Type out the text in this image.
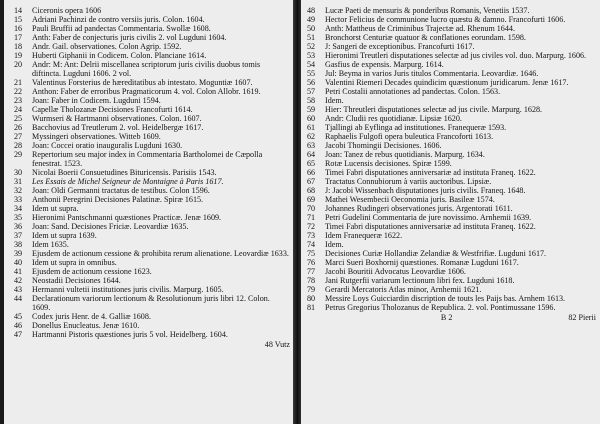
14	Ciceronis opera 1606
15	Adriani Pachinzi de contro versiis juris. Colon. 1604.
16	Pauli Bruffii ad pandectas Commentaria. Swollæ 1608.
17	Anth: Faber de conjecturis juris civilis 2. vol Lugduni 1604.
18	Andr. Gail. observationes. Colon Agrip. 1592.
19	Huberti Giphanii in Codicem. Colon. Planciane 1614.
20	Andr: M: Ant: Delrii miscellanea scriptorum juris civilis duobus tomis diftincta. Lugduni 1606. 2 vol.
21	Valentinus Forsterius de hæreditatibus ab intestato. Moguntiæ 1607.
22	Anthon: Faber de erroribus Pragmaticorum 4. vol. Colon Allobr. 1619.
23	Joan: Faber in Codicem. Lugduni 1594.
24	Capellæ Tholozanæ Decisiones Francofurti 1614.
25	Wurmseri & Hartmanni observationes. Colon. 1607.
26	Bacchovius ad Treutlerum 2. vol. Heidelbergæ 1617.
27	Myssingeri observationes. Witteb 1609.
28	Joan: Coccei oratio inauguralis Lugduni 1630.
29	Repertorium seu major index in Commentaria Bartholomei de Cæpolla fenestrat. 1523.
30	Nicolai Boerii Consuetudines Bituricensis. Parisiis 1543.
31	Les Essais de Michel Seigneur de Montaigne à Paris 1617.
32	Joan: Oldi Germanni tractatus de testibus. Colon 1596.
33	Anthonii Peregrini Decisiones Palatinæ. Spiræ 1615.
34	Idem ut supra.
35	Hieronimi Pantschmanni quæstiones Practicæ. Jenæ 1609.
36	Joan: Sand. Decisiones Friciæ. Leovardiæ 1635.
37	Idem ut supra 1639.
38	Idem 1635.
39	Ejusdem de actionum cessione & prohibita rerum alienatione. Leovardiæ 1633.
40	Idem ut supra in omnibus.
41	Ejusdem de actionum cessione 1623.
42	Neostadii Decisiones 1644.
43	Hermanni vultetii institutiones juris civilis. Marpurg. 1605.
44	Declarationum variorum lectionum & Resolutionum juris libri 12. Colon. 1609.
45	Codex juris Henr. de 4. Galliæ 1608.
46	Donellus Enucleatus. Jenæ 1610.
47	Hartmanni Pistoris quæstiones juris 5 vol. Heidelberg. 1604.
48 Vutz
48	Lucæ Paeti de mensuris & ponderibus Romanis, Venetiis 1537.
49	Hector Felicius de communione lucro quæstu & damno. Francofurti 1606.
50	Anth: Mattheus de Criminibus Trajectæ ad. Rhenum 1644.
51	Bronchorst Centuriæ quatuor & conflationes eorundam. 1598.
52	J: Sangeri de exceptionibus. Francofurti 1617.
53	Hieronimi Treutleri disputationes selectæ ad jus civiles vol. duo. Marpurg. 1606.
54	Gasfius de expensis. Marpurg. 1614.
55	Jul: Beyma in varios Juris titulos Commentaria. Leovardiæ. 1646.
56	Valentini Riemeri Decades quindicim quæstionum juridicarum. Jenæ 1617.
57	Petri Costalii annotationes ad pandectas. Colon. 1563.
58	Idem.
59	Hier: Threutleri disputationes selectæ ad jus civile. Marpurg. 1628.
60	Andr: Cludii res quotidianæ. Lipsiæ 1620.
61	Tjallingi ab Eyflinga ad institutiones. Franequeræ 1593.
62	Raphaelis Fulgofi opera buleutica Francoforti 1613.
63	Jacobi Thomingii Decisiones. 1606.
64	Joan: Tanez de rebus quotidianis. Marpurg. 1634.
65	Rotæ Lucensis decisiones. Spiræ 1599.
66	Timei Fabri disputationes anniversariæ ad instituta Franeq. 1622.
67	Tractatus Connubiorum à variis auctoribus. Lipsiæ.
68	J: Jacobi Wissenbach disputationes juris civilis. Franeq. 1648.
69	Mathei Wesembecii Oeconomia juris. Basileæ 1574.
70	Johannes Rudingeri observationes juris. Argentorati 1611.
71	Petri Gudelini Commentaria de jure novissimo. Arnhemii 1639.
72	Timei Fabri disputationes anniversariæ ad instituta Franeq. 1622.
73	Idem Franequeræ 1622.
74	Idem.
75	Decisiones Curiæ Hollandiæ Zelandiæ & Westfrifiæ. Lugduni 1617.
76	Marci Sueri Boxhornij quæstiones. Romanæ Lugduni 1617.
77	Jacobi Bouritii Advocatus Leovardiæ 1606.
78	Jani Rutgerfii variarum lectionum libri fex. Lugduni 1618.
79	Gerardi Mercatoris Atlas minor, Arnhemii 1621.
80	Messire Loys Guicciardin discription de touts les Paijs bas. Arnhem 1613.
81	Petrus Gregorius Tholozanus de Republica. 2. vol. Pontimussane 1596.
B 2	82 Pierii
